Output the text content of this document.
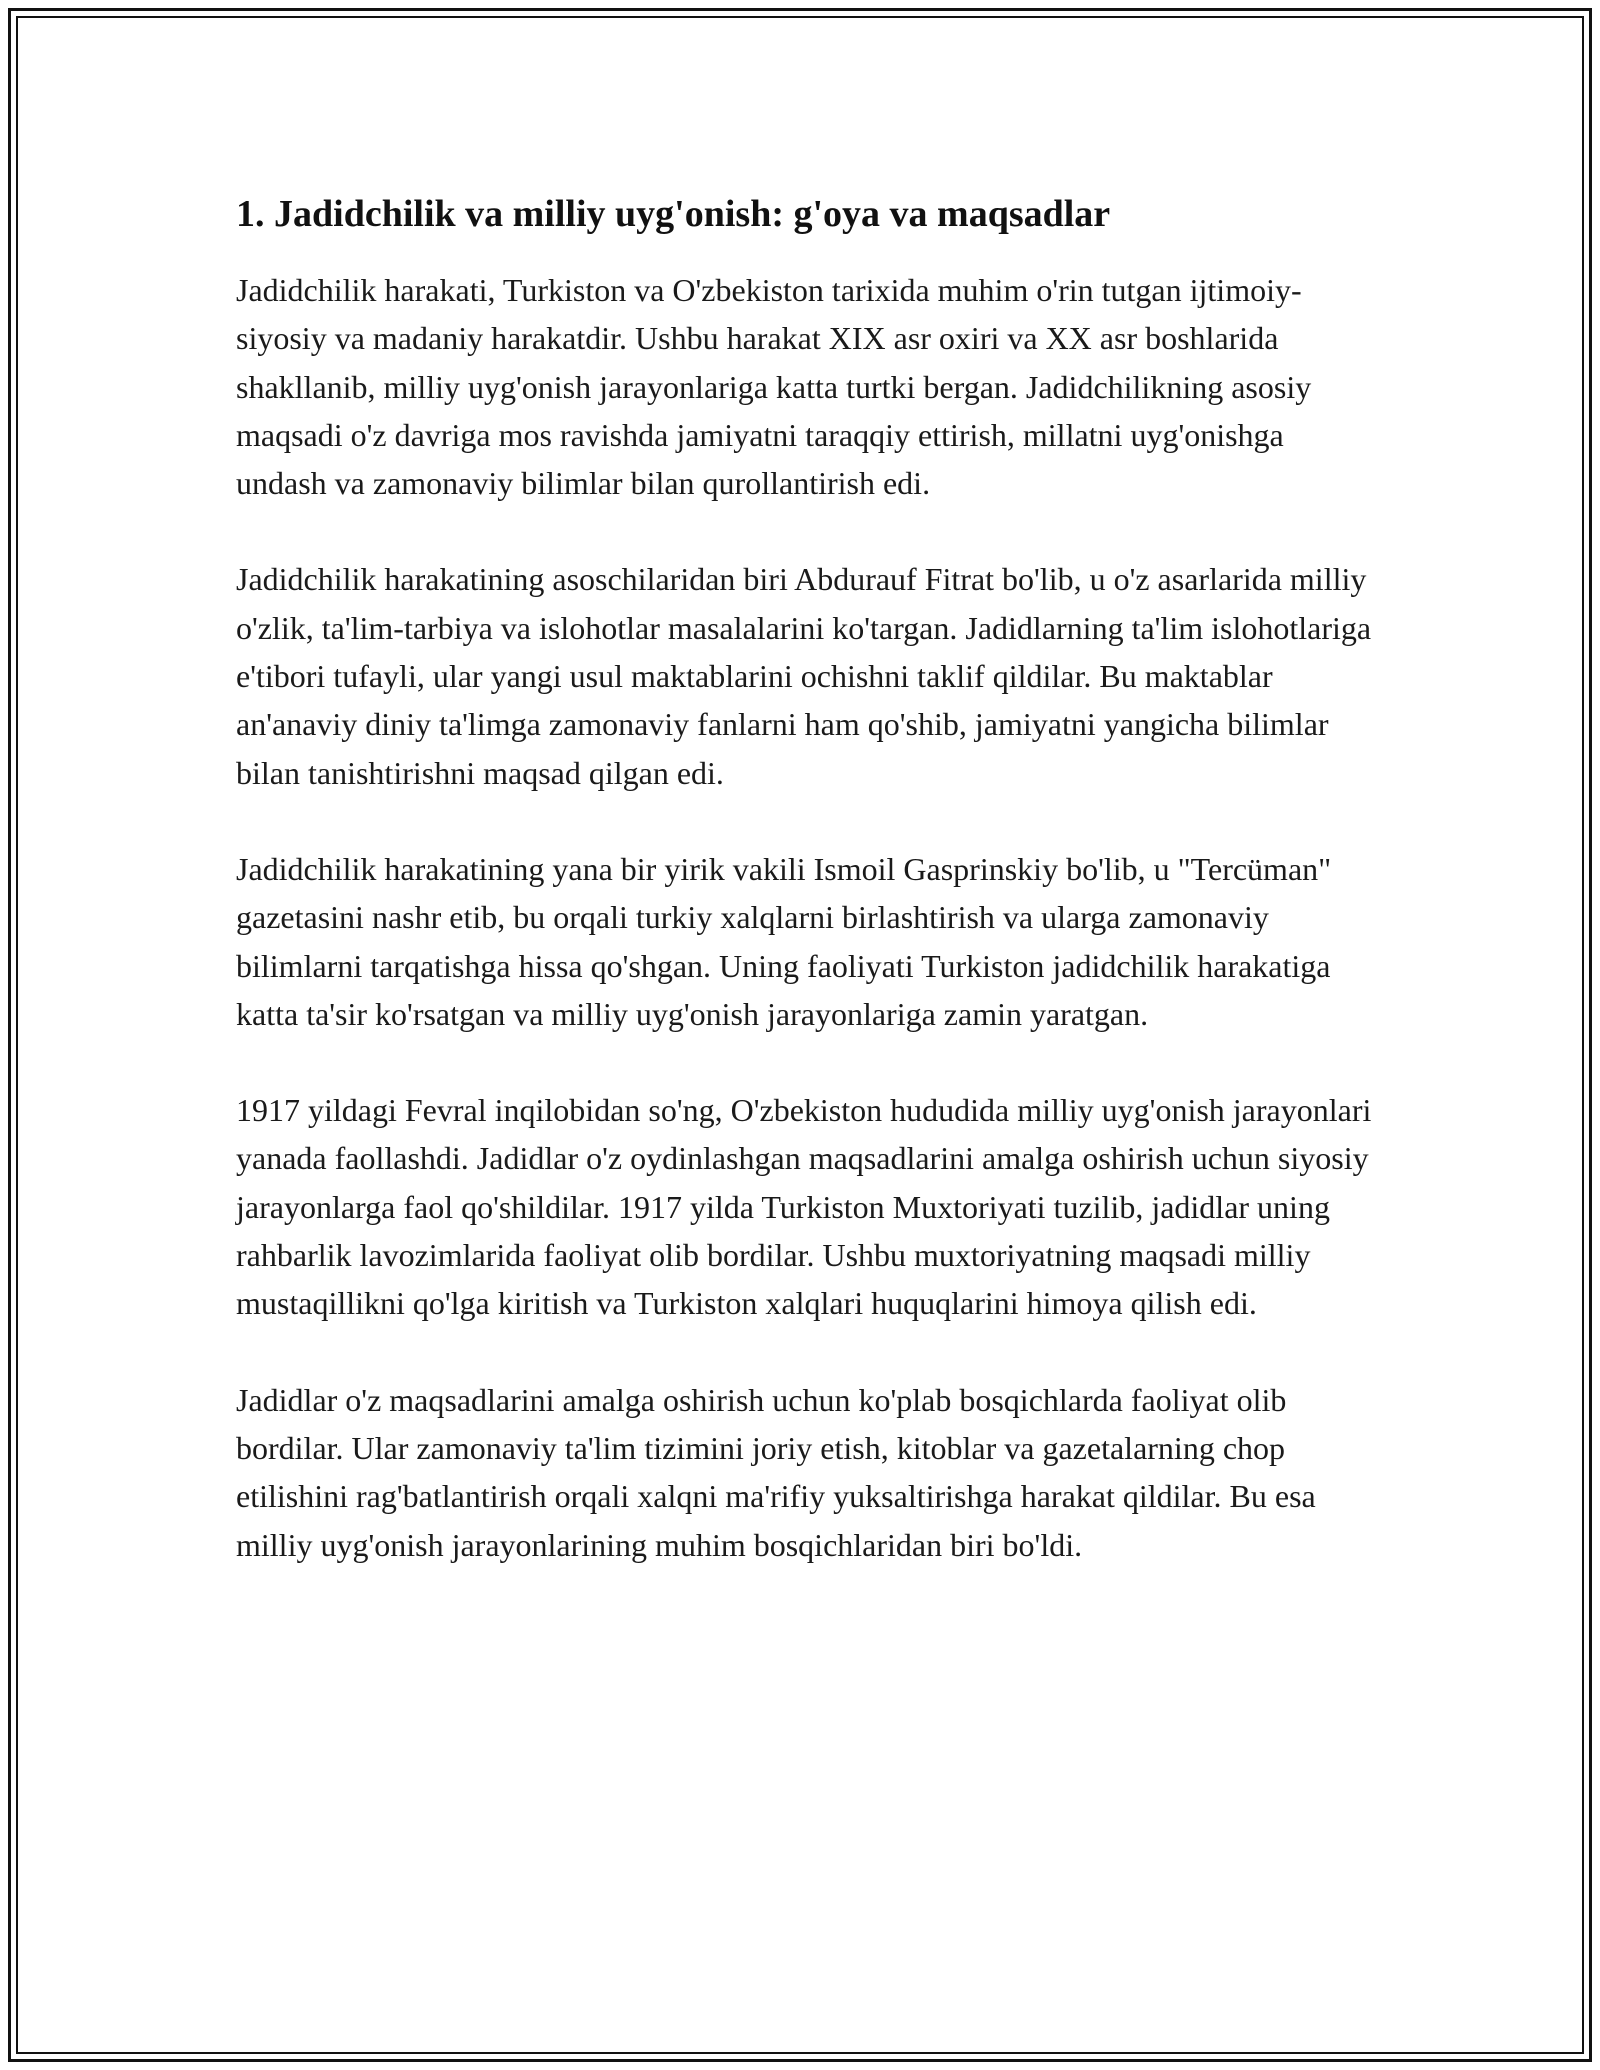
1. Jadidchilik va milliy uyg'onish: g'oya va maqsadlar

Jadidchilik harakati, Turkiston va O'zbekiston tarixida muhim o'rin tutgan ijtimoiy-siyosiy va madaniy harakatdir. Ushbu harakat XIX asr oxiri va XX asr boshlarida shakllanib, milliy uyg'onish jarayonlariga katta turtki bergan. Jadidchilikning asosiy maqsadi o'z davriga mos ravishda jamiyatni taraqqiy ettirish, millatni uyg'onishga undash va zamonaviy bilimlar bilan qurollantirish edi.

Jadidchilik harakatining asoschilaridan biri Abdurauf Fitrat bo'lib, u o'z asarlarida milliy o'zlik, ta'lim-tarbiya va islohotlar masalalarini ko'targan. Jadidlarning ta'lim islohotlariga e'tibori tufayli, ular yangi usul maktablarini ochishni taklif qildilar. Bu maktablar an'anaviy diniy ta'limga zamonaviy fanlarni ham qo'shib, jamiyatni yangicha bilimlar bilan tanishtirishni maqsad qilgan edi.

Jadidchilik harakatining yana bir yirik vakili Ismoil Gasprinskiy bo'lib, u "Tercüman" gazetasini nashr etib, bu orqali turkiy xalqlarni birlashtirish va ularga zamonaviy bilimlarni tarqatishga hissa qo'shgan. Uning faoliyati Turkiston jadidchilik harakatiga katta ta'sir ko'rsatgan va milliy uyg'onish jarayonlariga zamin yaratgan.

1917 yildagi Fevral inqilobidan so'ng, O'zbekiston hududida milliy uyg'onish jarayonlari yanada faollashdi. Jadidlar o'z oydinlashgan maqsadlarini amalga oshirish uchun siyosiy jarayonlarga faol qo'shildilar. 1917 yilda Turkiston Muxtoriyati tuzilib, jadidlar uning rahbarlik lavozimlarida faoliyat olib bordilar. Ushbu muxtoriyatning maqsadi milliy mustaqillikni qo'lga kiritish va Turkiston xalqlari huquqlarini himoya qilish edi.

Jadidlar o'z maqsadlarini amalga oshirish uchun ko'plab bosqichlarda faoliyat olib bordilar. Ular zamonaviy ta'lim tizimini joriy etish, kitoblar va gazetalarning chop etilishini rag'batlantirish orqali xalqni ma'rifiy yuksaltirishga harakat qildilar. Bu esa milliy uyg'onish jarayonlarining muhim bosqichlaridan biri bo'ldi.
